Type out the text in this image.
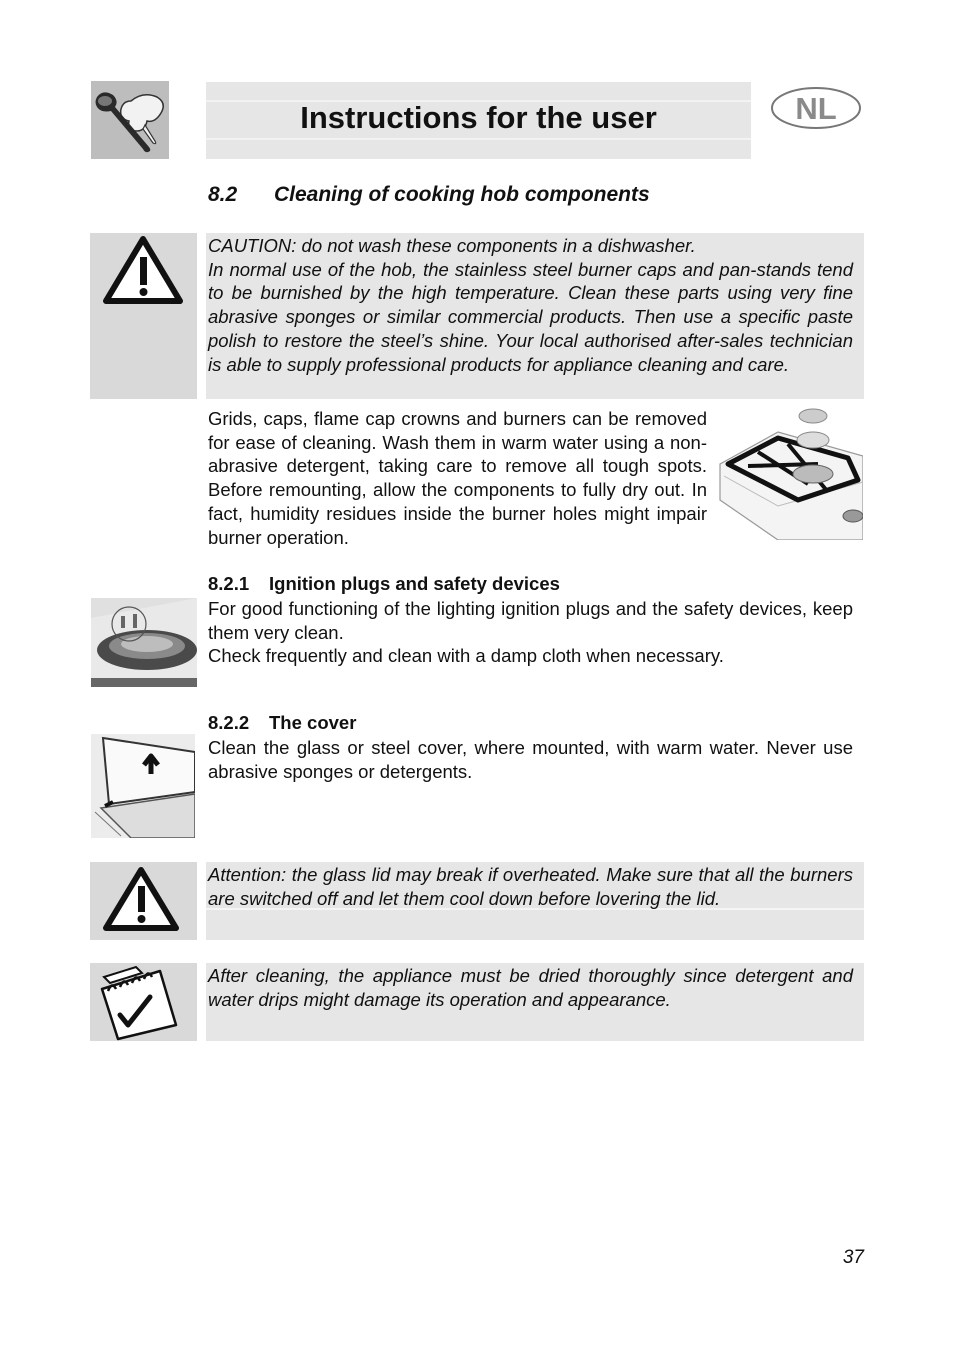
Instructions for the user	NL
8.2 Cleaning of cooking hob components

CAUTION: do not wash these components in a dishwasher.

In normal use of the hob, the stainless steel burner caps and pan-stands tend to be burnished by the high temperature. Clean these parts using very fine abrasive sponges or similar commercial products. Then use a specific paste polish to restore the steel’s shine. Your local authorised after-sales technician is able to supply professional products for appliance cleaning and care.

Grids, caps, flame cap crowns and burners can be removed for ease of cleaning. Wash them in warm water using a non-abrasive detergent, taking care to remove all tough spots. Before remounting, allow the components to fully dry out. In fact, humidity residues inside the burner holes might impair burner operation.

8.2.1 Ignition plugs and safety devices

For good functioning of the lighting ignition plugs and the safety devices, keep them very clean.

Check frequently and clean with a damp cloth when necessary.

8.2.2 The cover

Clean the glass or steel cover, where mounted, with warm water. Never use abrasive sponges or detergents.

Attention: the glass lid may break if overheated. Make sure that all the burners are switched off and let them cool down before lovering the lid.

After cleaning, the appliance must be dried thoroughly since detergent and water drips might damage its operation and appearance.

37
